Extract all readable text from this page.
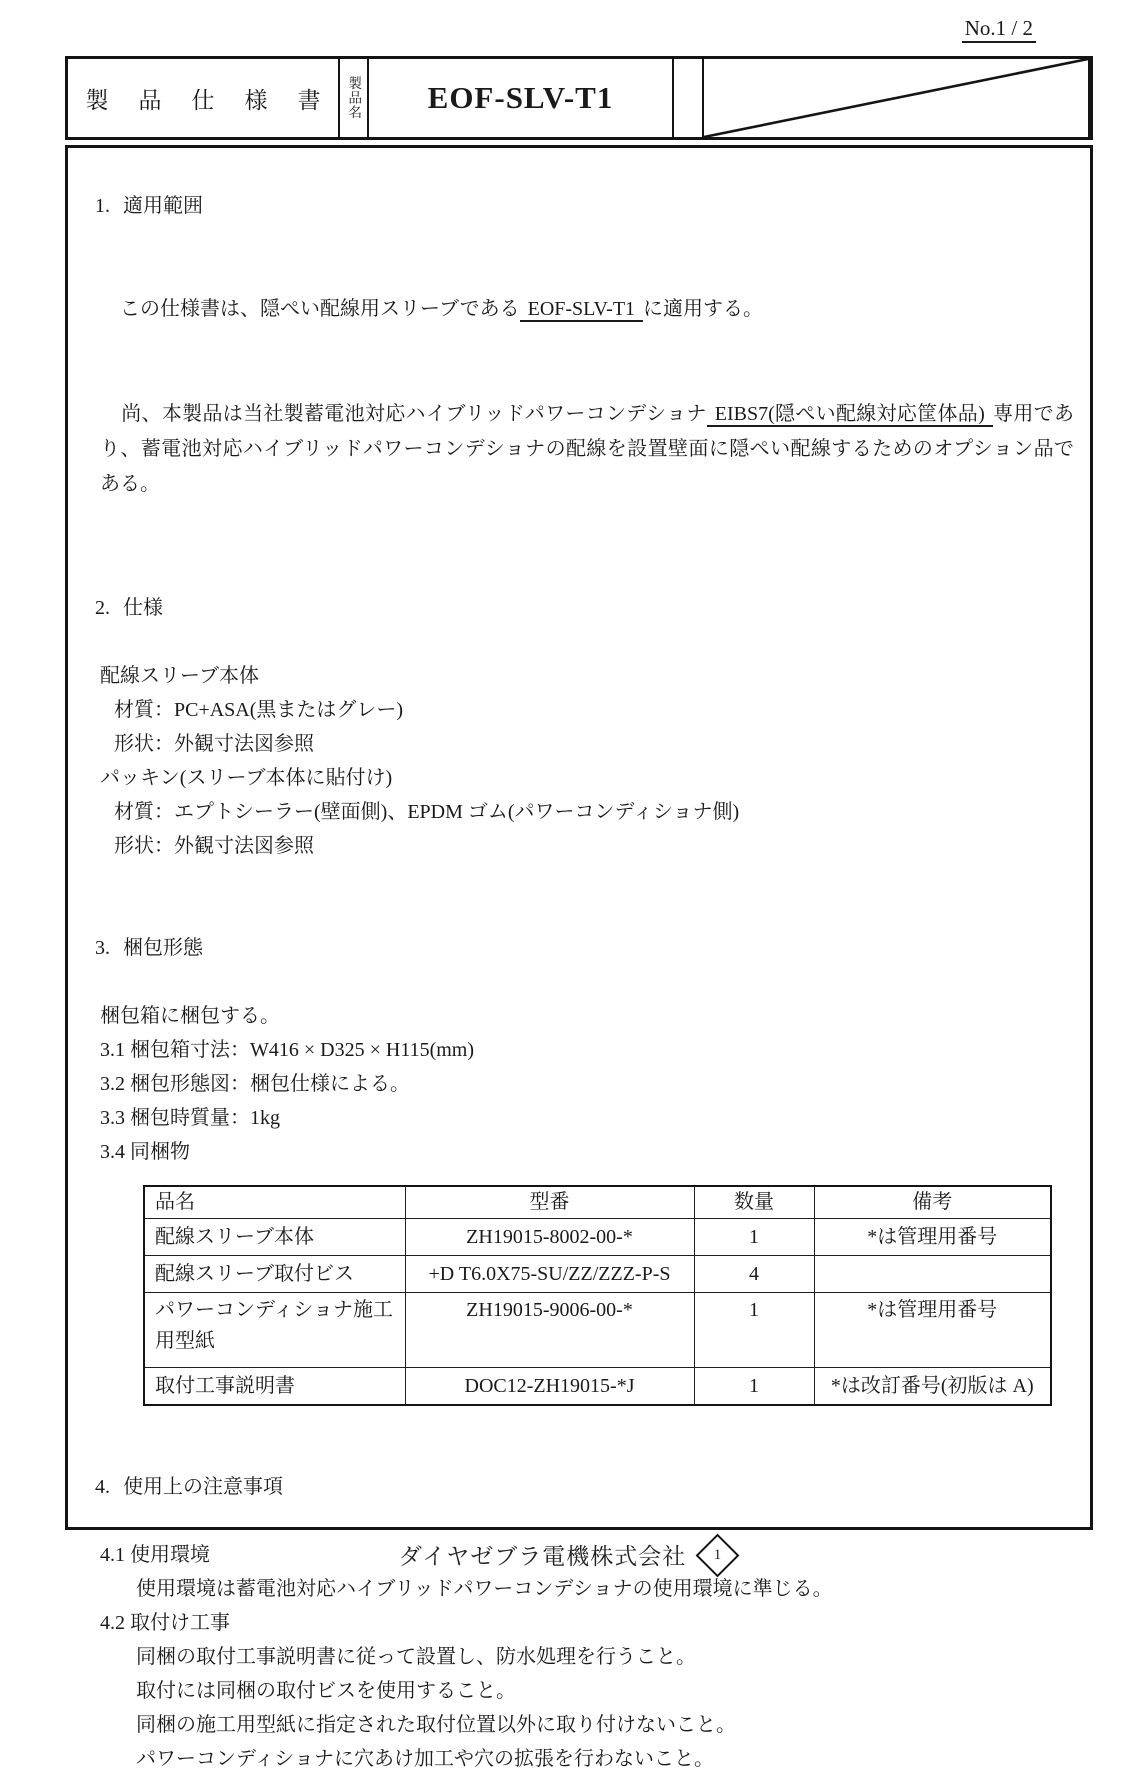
No.1 / 2
製品仕様書
製品名 EOF-SLV-T1

1. 適用範囲

この仕様書は、隠ぺい配線用スリーブである EOF-SLV-T1 に適用する。

尚、本製品は当社製蓄電池対応ハイブリッドパワーコンデショナ EIBS7(隠ぺい配線対応筐体品) 専用であり、蓄電池対応ハイブリッドパワーコンデショナの配線を設置壁面に隠ぺい配線するためのオプション品である。

2. 仕様

配線スリーブ本体
材質：PC+ASA(黒またはグレー)
形状：外観寸法図参照
パッキン(スリーブ本体に貼付け)
材質：エプトシーラー(壁面側)、EPDM ゴム(パワーコンディショナ側)
形状：外観寸法図参照

3. 梱包形態

梱包箱に梱包する。
3.1 梱包箱寸法：W416 × D325 × H115(mm)
3.2 梱包形態図：梱包仕様による。
3.3 梱包時質量：1kg
3.4 同梱物
品名	型番	数量	備考
配線スリーブ本体	ZH19015-8002-00-*	1	*は管理用番号
配線スリーブ取付ビス	+D T6.0X75-SU/ZZ/ZZZ-P-S	4	
パワーコンディショナ施工用型紙	ZH19015-9006-00-*	1	*は管理用番号
取付工事説明書	DOC12-ZH19015-*J	1	*は改訂番号(初版は A)

4. 使用上の注意事項

4.1 使用環境
使用環境は蓄電池対応ハイブリッドパワーコンデショナの使用環境に準じる。
4.2 取付け工事
同梱の取付工事説明書に従って設置し、防水処理を行うこと。
取付には同梱の取付ビスを使用すること。
同梱の施工用型紙に指定された取付位置以外に取り付けないこと。
パワーコンディショナに穴あけ加工や穴の拡張を行わないこと。
ダイヤゼブラ電機株式会社	1
